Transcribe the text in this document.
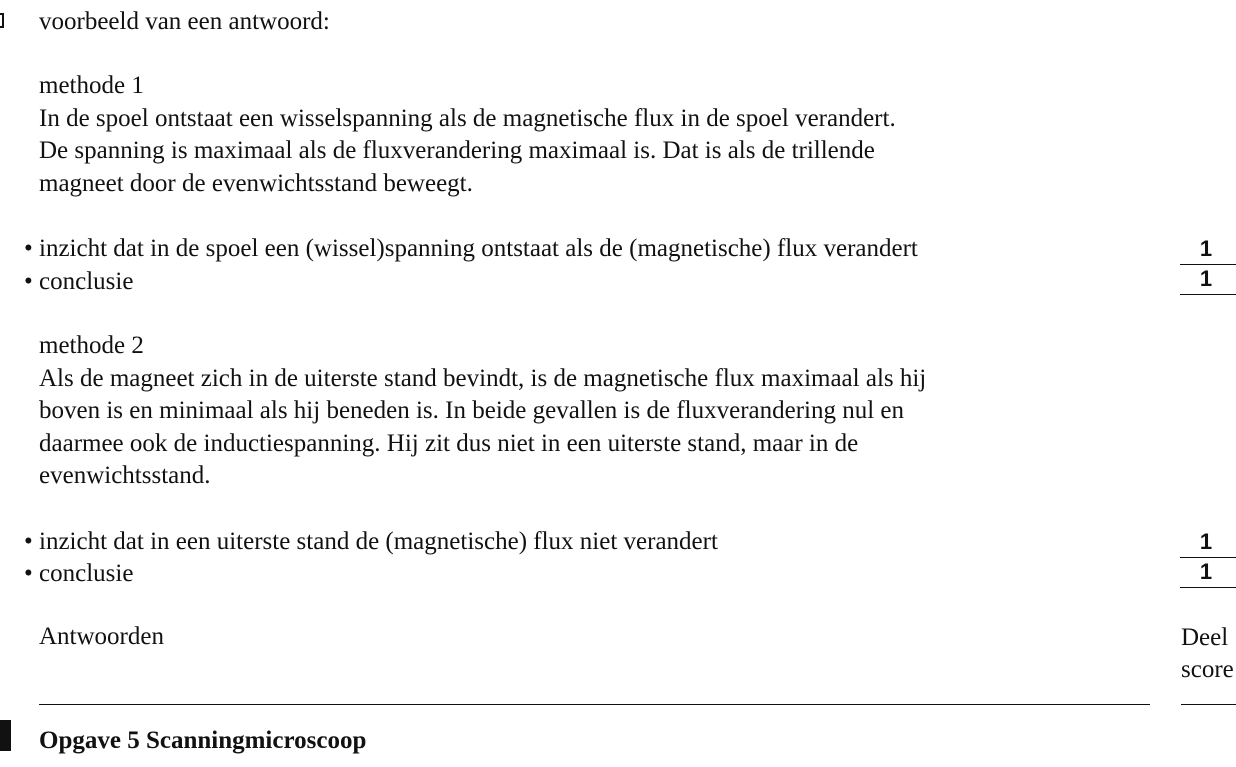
voorbeeld van een antwoord:

methode 1

In de spoel ontstaat een wisselspanning als de magnetische flux in de spoel verandert.

De spanning is maximaal als de fluxverandering maximaal is. Dat is als de trillende

magneet door de evenwichtsstand beweegt.

• inzicht dat in de spoel een (wissel)spanning ontstaat als de (magnetische) flux verandert	1
• conclusie	1

methode 2

Als de magneet zich in de uiterste stand bevindt, is de magnetische flux maximaal als hij

boven is en minimaal als hij beneden is. In beide gevallen is de fluxverandering nul en

daarmee ook de inductiespanning. Hij zit dus niet in een uiterste stand, maar in de

evenwichtsstand.

• inzicht dat in een uiterste stand de (magnetische) flux niet verandert	1
• conclusie	1

Antwoorden	Deel

score

Opgave 5 Scanningmicroscoop
